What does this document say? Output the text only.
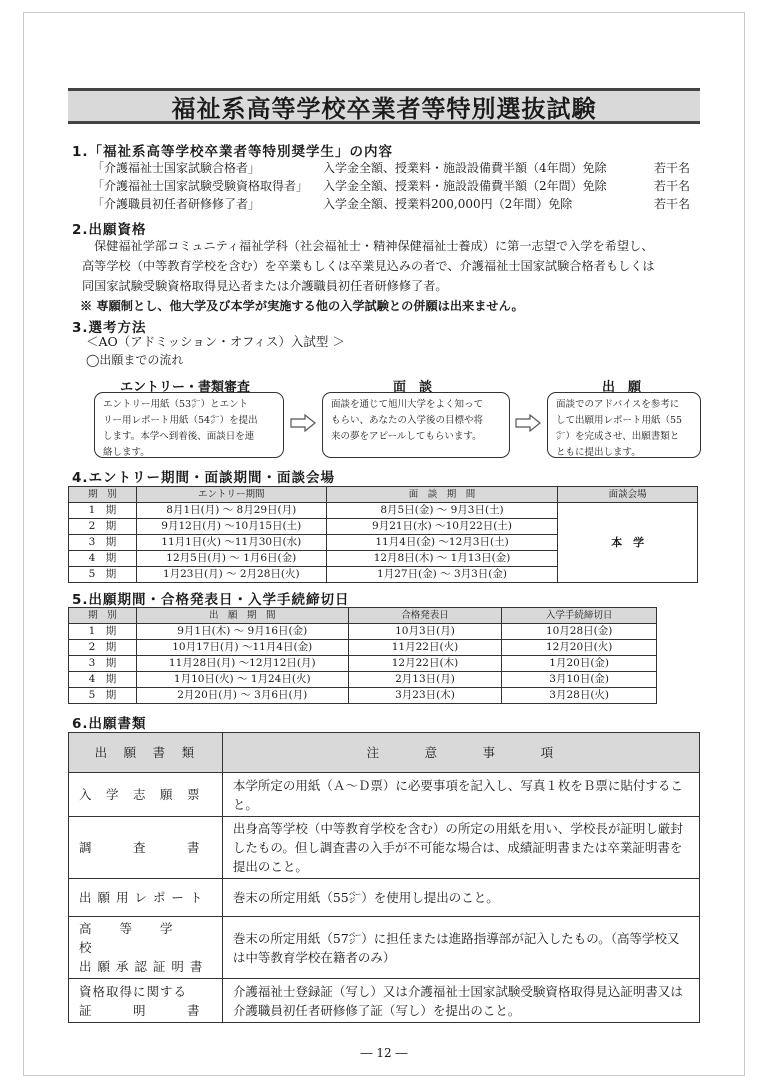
福祉系高等学校卒業者等特別選抜試験
1.「福祉系高等学校卒業者等特別奨学生」の内容
「介護福祉士国家試験合格者」	入学金全額、授業料・施設設備費半額（4年間）免除	若干名
「介護福祉士国家試験受験資格取得者」 入学金全額、授業料・施設設備費半額（2年間）免除	若干名
「介護職員初任者研修修了者」	入学金全額、授業料200,000円（2年間）免除	若干名
2.出願資格
保健福祉学部コミュニティ福祉学科（社会福祉士・精神保健福祉士養成）に第一志望で入学を希望し、
高等学校（中等教育学校を含む）を卒業もしくは卒業見込みの者で、介護福祉士国家試験合格者もしくは
同国家試験受験資格取得見込者または介護職員初任者研修修了者。
※ 専願制とし、他大学及び本学が実施する他の入学試験との併願は出来ません。
3.選考方法
＜AO（アドミッション・オフィス）入試型 ＞
◯出願までの流れ
エントリー・書類審査	面　談	出　願
エントリー用紙（53㌻）とエント
リー用レポート用紙（54㌻）を提出
します。本学へ到着後、面談日を連
絡します。
面談を通じて旭川大学をよく知って
もらい、あなたの入学後の目標や将
来の夢をアピールしてもらいます。
面談でのアドバイスを参考に
して出願用レポート用紙（55
㌻）を完成させ、出願書類と
ともに提出します。
4.エントリー期間・面談期間・面談会場
期　別	エントリー期間	面　談　期　間	面談会場
1　期	8月1日(月) ～ 8月29日(月)	8月5日(金) ～ 9月3日(土)	本　学
2　期	9月12日(月) ～10月15日(土)	9月21日(水) ～10月22日(土)	
3　期	11月1日(火) ～11月30日(水)	11月4日(金) ～12月3日(土)	
4　期	12月5日(月) ～ 1月6日(金)	12月8日(木) ～ 1月13日(金)	
5　期	1月23日(月) ～ 2月28日(火)	1月27日(金) ～ 3月3日(金)	
5.出願期間・合格発表日・入学手続締切日
期　別	出　願　期　間	合格発表日	入学手続締切日
1　期	9月1日(木) ～ 9月16日(金)	10月3日(月)	10月28日(金)
2　期	10月17日(月) ～11月4日(金)	11月22日(火)	12月20日(火)
3　期	11月28日(月) ～12月12日(月)	12月22日(木)	1月20日(金)
4　期	1月10日(火) ～ 1月24日(火)	2月13日(月)	3月10日(金)
5　期	2月20日(月) ～ 3月6日(月)	3月23日(木)	3月28日(火)
6.出願書類
出　願　書　類	注　　　意　　　事　　　項

入　学　志　願　票	本学所定の用紙（Ａ～Ｄ票）に必要事項を記入し、写真１枚をＢ票に貼付すること。

調　　　査　　　書	出身高等学校（中等教育学校を含む）の所定の用紙を用い、学校長が証明し厳封したもの。但し調査書の入手が不可能な場合は、成績証明書または卒業証明書を提出のこと。

出 願 用 レ ポ ー ト	巻末の所定用紙（55㌻）を使用し提出のこと。

高　　等　　学　　校
出 願 承 認 証 明 書	巻末の所定用紙（57㌻）に担任または進路指導部が記入したもの。（高等学校又は中等教育学校在籍者のみ）

資格取得に関する
証　　　明　　　書	介護福祉士登録証（写し）又は介護福祉士国家試験受験資格取得見込証明書又は介護職員初任者研修修了証（写し）を提出のこと。
― 12 ―
